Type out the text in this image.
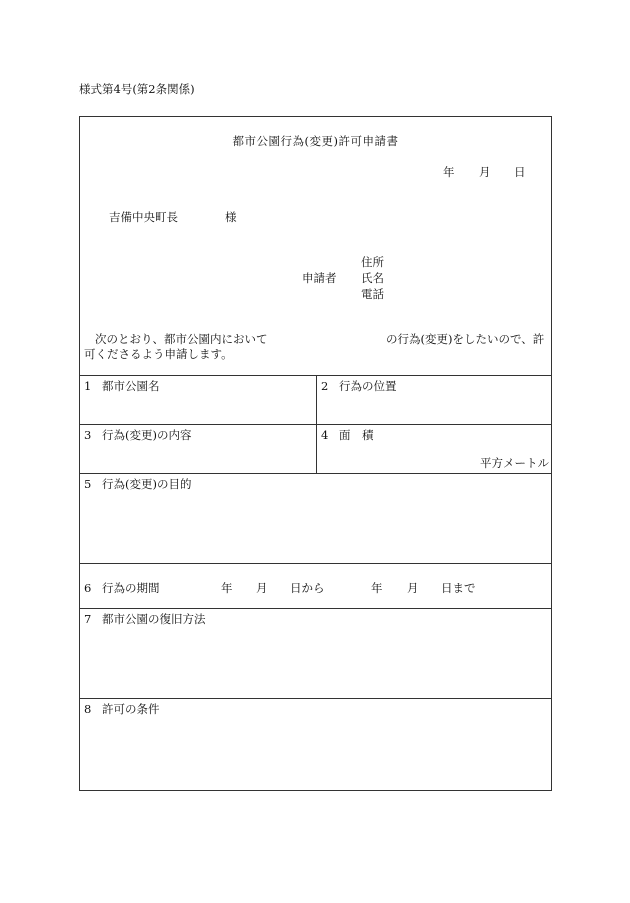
様式第4号(第2条関係)
都市公園行為(変更)許可申請書
年 月 日
吉備中央町長	様
住所
申請者 氏名
電話
次のとおり、都市公園内において	の行為(変更)をしたいので、許
可くださるよう申請します。
1 都市公園名	2 行為の位置
3 行為(変更)の内容	4 面　積
平方メートル
5 行為(変更)の目的
6 行為の期間	年 月 日から	年 月 日まで
7 都市公園の復旧方法
8 許可の条件
